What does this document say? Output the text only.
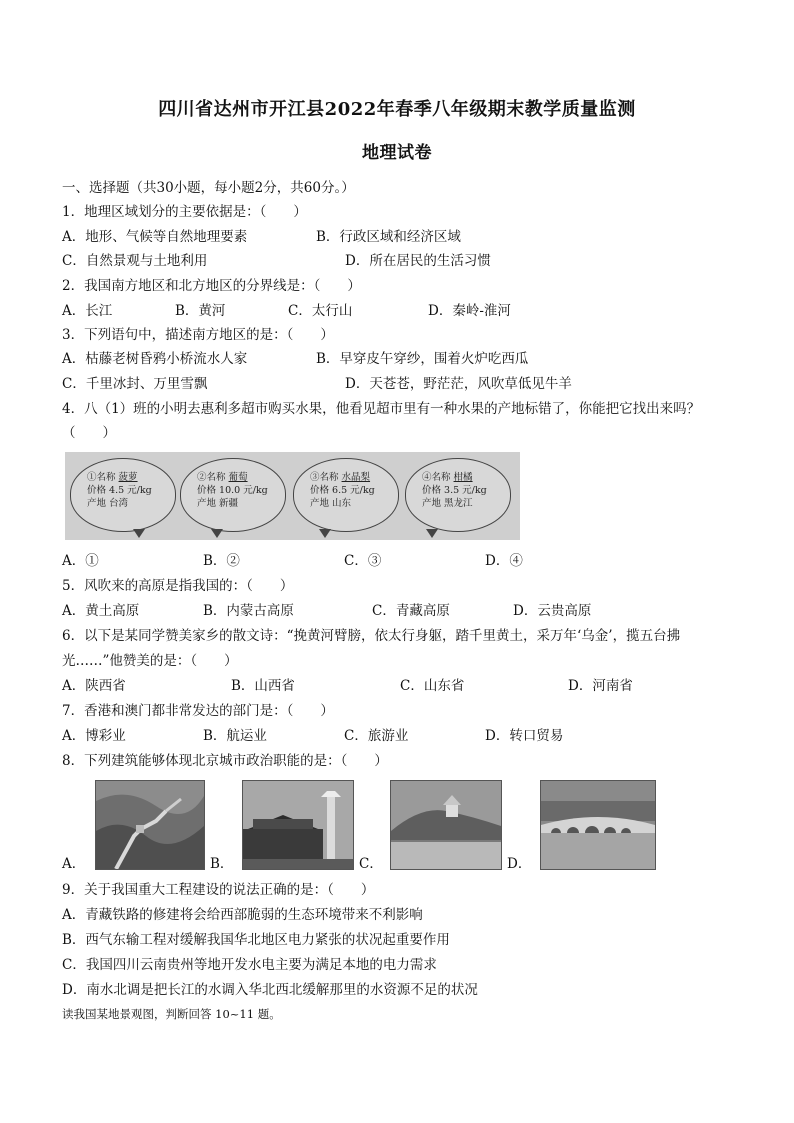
四川省达州市开江县2022年春季八年级期末教学质量监测
地理试卷
一、选择题（共30小题，每小题2分，共60分。）
1．地理区域划分的主要依据是：（　　）
A．地形、气候等自然地理要素	B．行政区域和经济区域
C．自然景观与土地利用	D．所在居民的生活习惯
2．我国南方地区和北方地区的分界线是：（　　）
A．长江	B．黄河	C．太行山	D．秦岭-淮河
3．下列语句中，描述南方地区的是：（　　）
A．枯藤老树昏鸦小桥流水人家	B．早穿皮午穿纱，围着火炉吃西瓜
C．千里冰封、万里雪飘	D．天苍苍，野茫茫，风吹草低见牛羊
4．八（1）班的小明去惠利多超市购买水果，他看见超市里有一种水果的产地标错了，你能把它找出来吗？
（　　）
①名称 菠萝
价格 4.5 元/kg
产地 台湾
②名称 葡萄
价格 10.0 元/kg
产地 新疆
③名称 水晶梨
价格 6.5 元/kg
产地 山东
④名称 柑橘
价格 3.5 元/kg
产地 黑龙江
A．①	B．②	C．③	D．④
5．风吹来的高原是指我国的：（　　）
A．黄土高原	B．内蒙古高原	C．青藏高原	D．云贵高原
6．以下是某同学赞美家乡的散文诗：“挽黄河臂膀，依太行身躯，踏千里黄土，采万年‘乌金’，揽五台拂
光……”他赞美的是：（　　）
A．陕西省	B．山西省	C．山东省	D．河南省
7．香港和澳门都非常发达的部门是：（　　）
A．博彩业	B．航运业	C．旅游业	D．转口贸易
8．下列建筑能够体现北京城市政治职能的是：（　　）
A．	B．	C．	D．
9．关于我国重大工程建设的说法正确的是：（　　）
A．青藏铁路的修建将会给西部脆弱的生态环境带来不利影响
B．西气东输工程对缓解我国华北地区电力紧张的状况起重要作用
C．我国四川云南贵州等地开发水电主要为满足本地的电力需求
D．南水北调是把长江的水调入华北西北缓解那里的水资源不足的状况
读我国某地景观图，判断回答 10~11 题。
